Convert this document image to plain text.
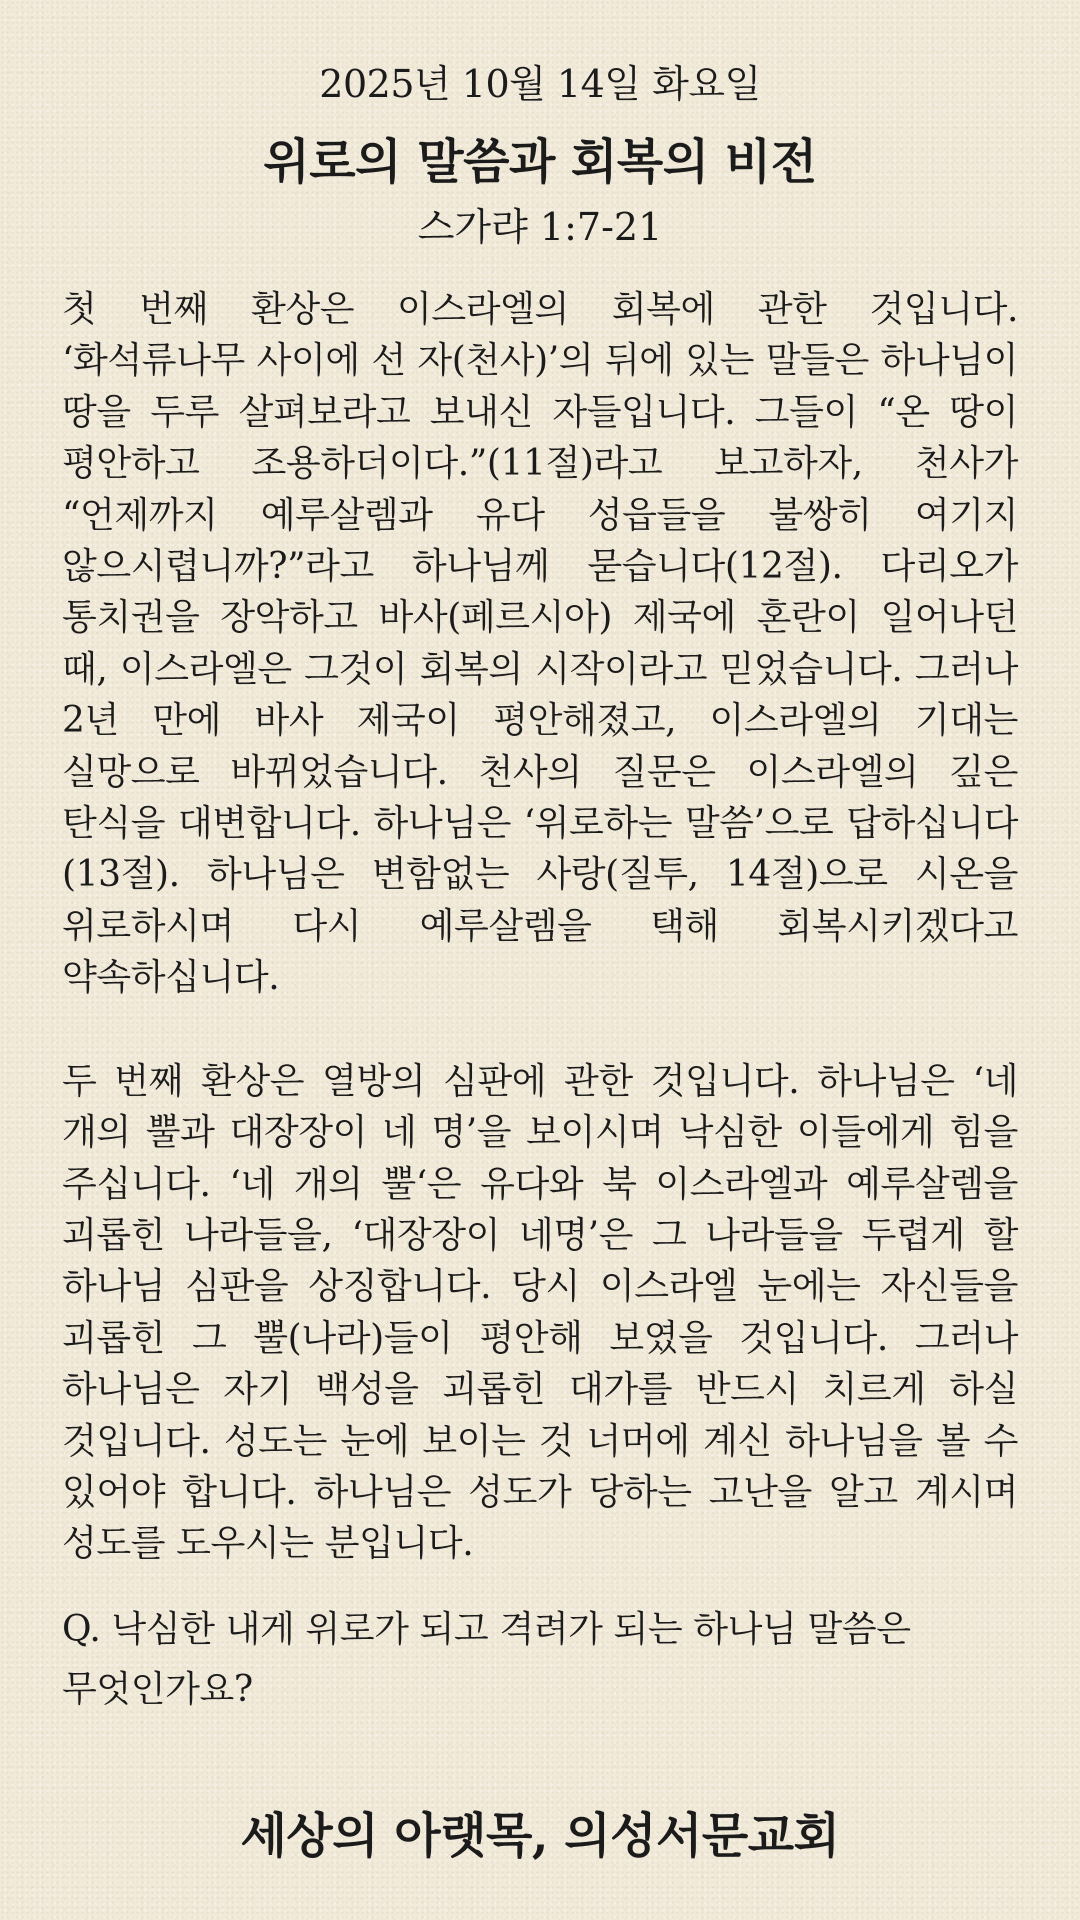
2025년 10월 14일 화요일
위로의 말씀과 회복의 비전
스가랴 1:7-21

첫 번째 환상은 이스라엘의 회복에 관한 것입니다. ‘화석류나무 사이에 선 자(천사)’의 뒤에 있는 말들은 하나님이 땅을 두루 살펴보라고 보내신 자들입니다. 그들이 “온 땅이 평안하고 조용하더이다.”(11절)라고 보고하자, 천사가 “언제까지 예루살렘과 유다 성읍들을 불쌍히 여기지 않으시렵니까?”라고 하나님께 묻습니다(12절). 다리오가 통치권을 장악하고 바사(페르시아) 제국에 혼란이 일어나던 때, 이스라엘은 그것이 회복의 시작이라고 믿었습니다. 그러나 2년 만에 바사 제국이 평안해졌고, 이스라엘의 기대는 실망으로 바뀌었습니다. 천사의 질문은 이스라엘의 깊은 탄식을 대변합니다. 하나님은 ‘위로하는 말씀’으로 답하십니다(13절). 하나님은 변함없는 사랑(질투, 14절)으로 시온을 위로하시며 다시 예루살렘을 택해 회복시키겠다고 약속하십니다.

두 번째 환상은 열방의 심판에 관한 것입니다. 하나님은 ‘네 개의 뿔과 대장장이 네 명’을 보이시며 낙심한 이들에게 힘을 주십니다. ‘네 개의 뿔‘은 유다와 북 이스라엘과 예루살렘을 괴롭힌 나라들을, ‘대장장이 네명’은 그 나라들을 두렵게 할 하나님 심판을 상징합니다. 당시 이스라엘 눈에는 자신들을 괴롭힌 그 뿔(나라)들이 평안해 보였을 것입니다. 그러나 하나님은 자기 백성을 괴롭힌 대가를 반드시 치르게 하실 것입니다. 성도는 눈에 보이는 것 너머에 계신 하나님을 볼 수 있어야 합니다. 하나님은 성도가 당하는 고난을 알고 계시며 성도를 도우시는 분입니다.

Q. 낙심한 내게 위로가 되고 격려가 되는 하나님 말씀은 무엇인가요?
세상의 아랫목, 의성서문교회
